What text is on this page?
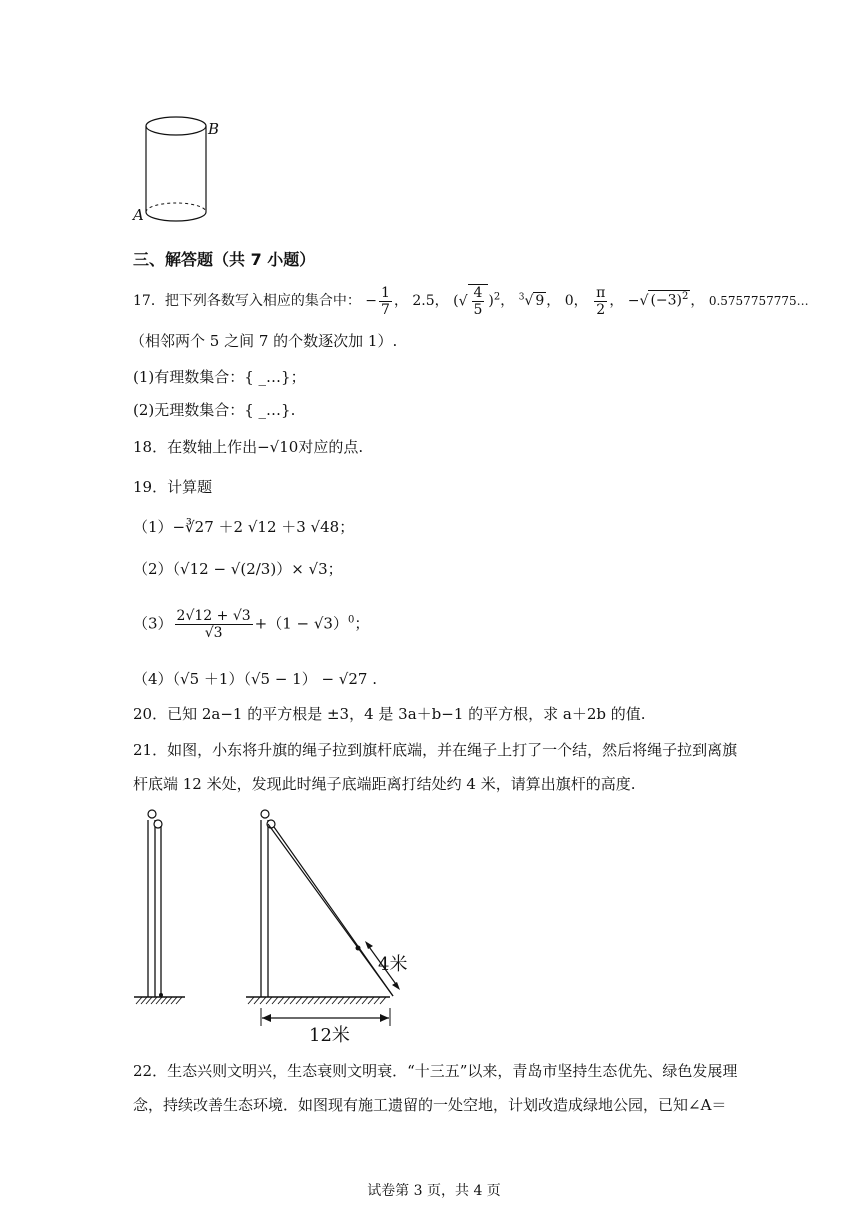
B
A
三、解答题（共 7 小题）
17．把下列各数写入相应的集合中： − $\frac{1}{7}$ ， 2.5， (√ $\frac{4}{5} )^2$， $^3$√ 9 ， 0， $\frac{\pi}{2}$ ， −√ $(-3)^2$ ， 0.5757757775…
（相邻两个 5 之间 7 的个数逐次加 1）.
(1)有理数集合：{ _…}；
(2)无理数集合：{ _…}.
18．在数轴上作出−√10对应的点.
19．计算题
（1）−∛27 ＋2 √12 ＋3 √48；
（2）（√12 − √(2/3)）× √3；
$(3) \frac{2√12 + √3}{√3} +(1 - √3)^0$；
（4）（√5 ＋1）（√5 − 1） − √27 .
20．已知 2a−1 的平方根是 ±3，4 是 3a＋b−1 的平方根，求 a＋2b 的值.
21．如图，小东将升旗的绳子拉到旗杆底端，并在绳子上打了一个结，然后将绳子拉到离旗
杆底端 12 米处，发现此时绳子底端距离打结处约 4 米，请算出旗杆的高度.
4米
12米
22．生态兴则文明兴，生态衰则文明衰．“十三五”以来，青岛市坚持生态优先、绿色发展理
念，持续改善生态环境．如图现有施工遗留的一处空地，计划改造成绿地公园，已知∠A＝
试卷第 3 页，共 4 页
